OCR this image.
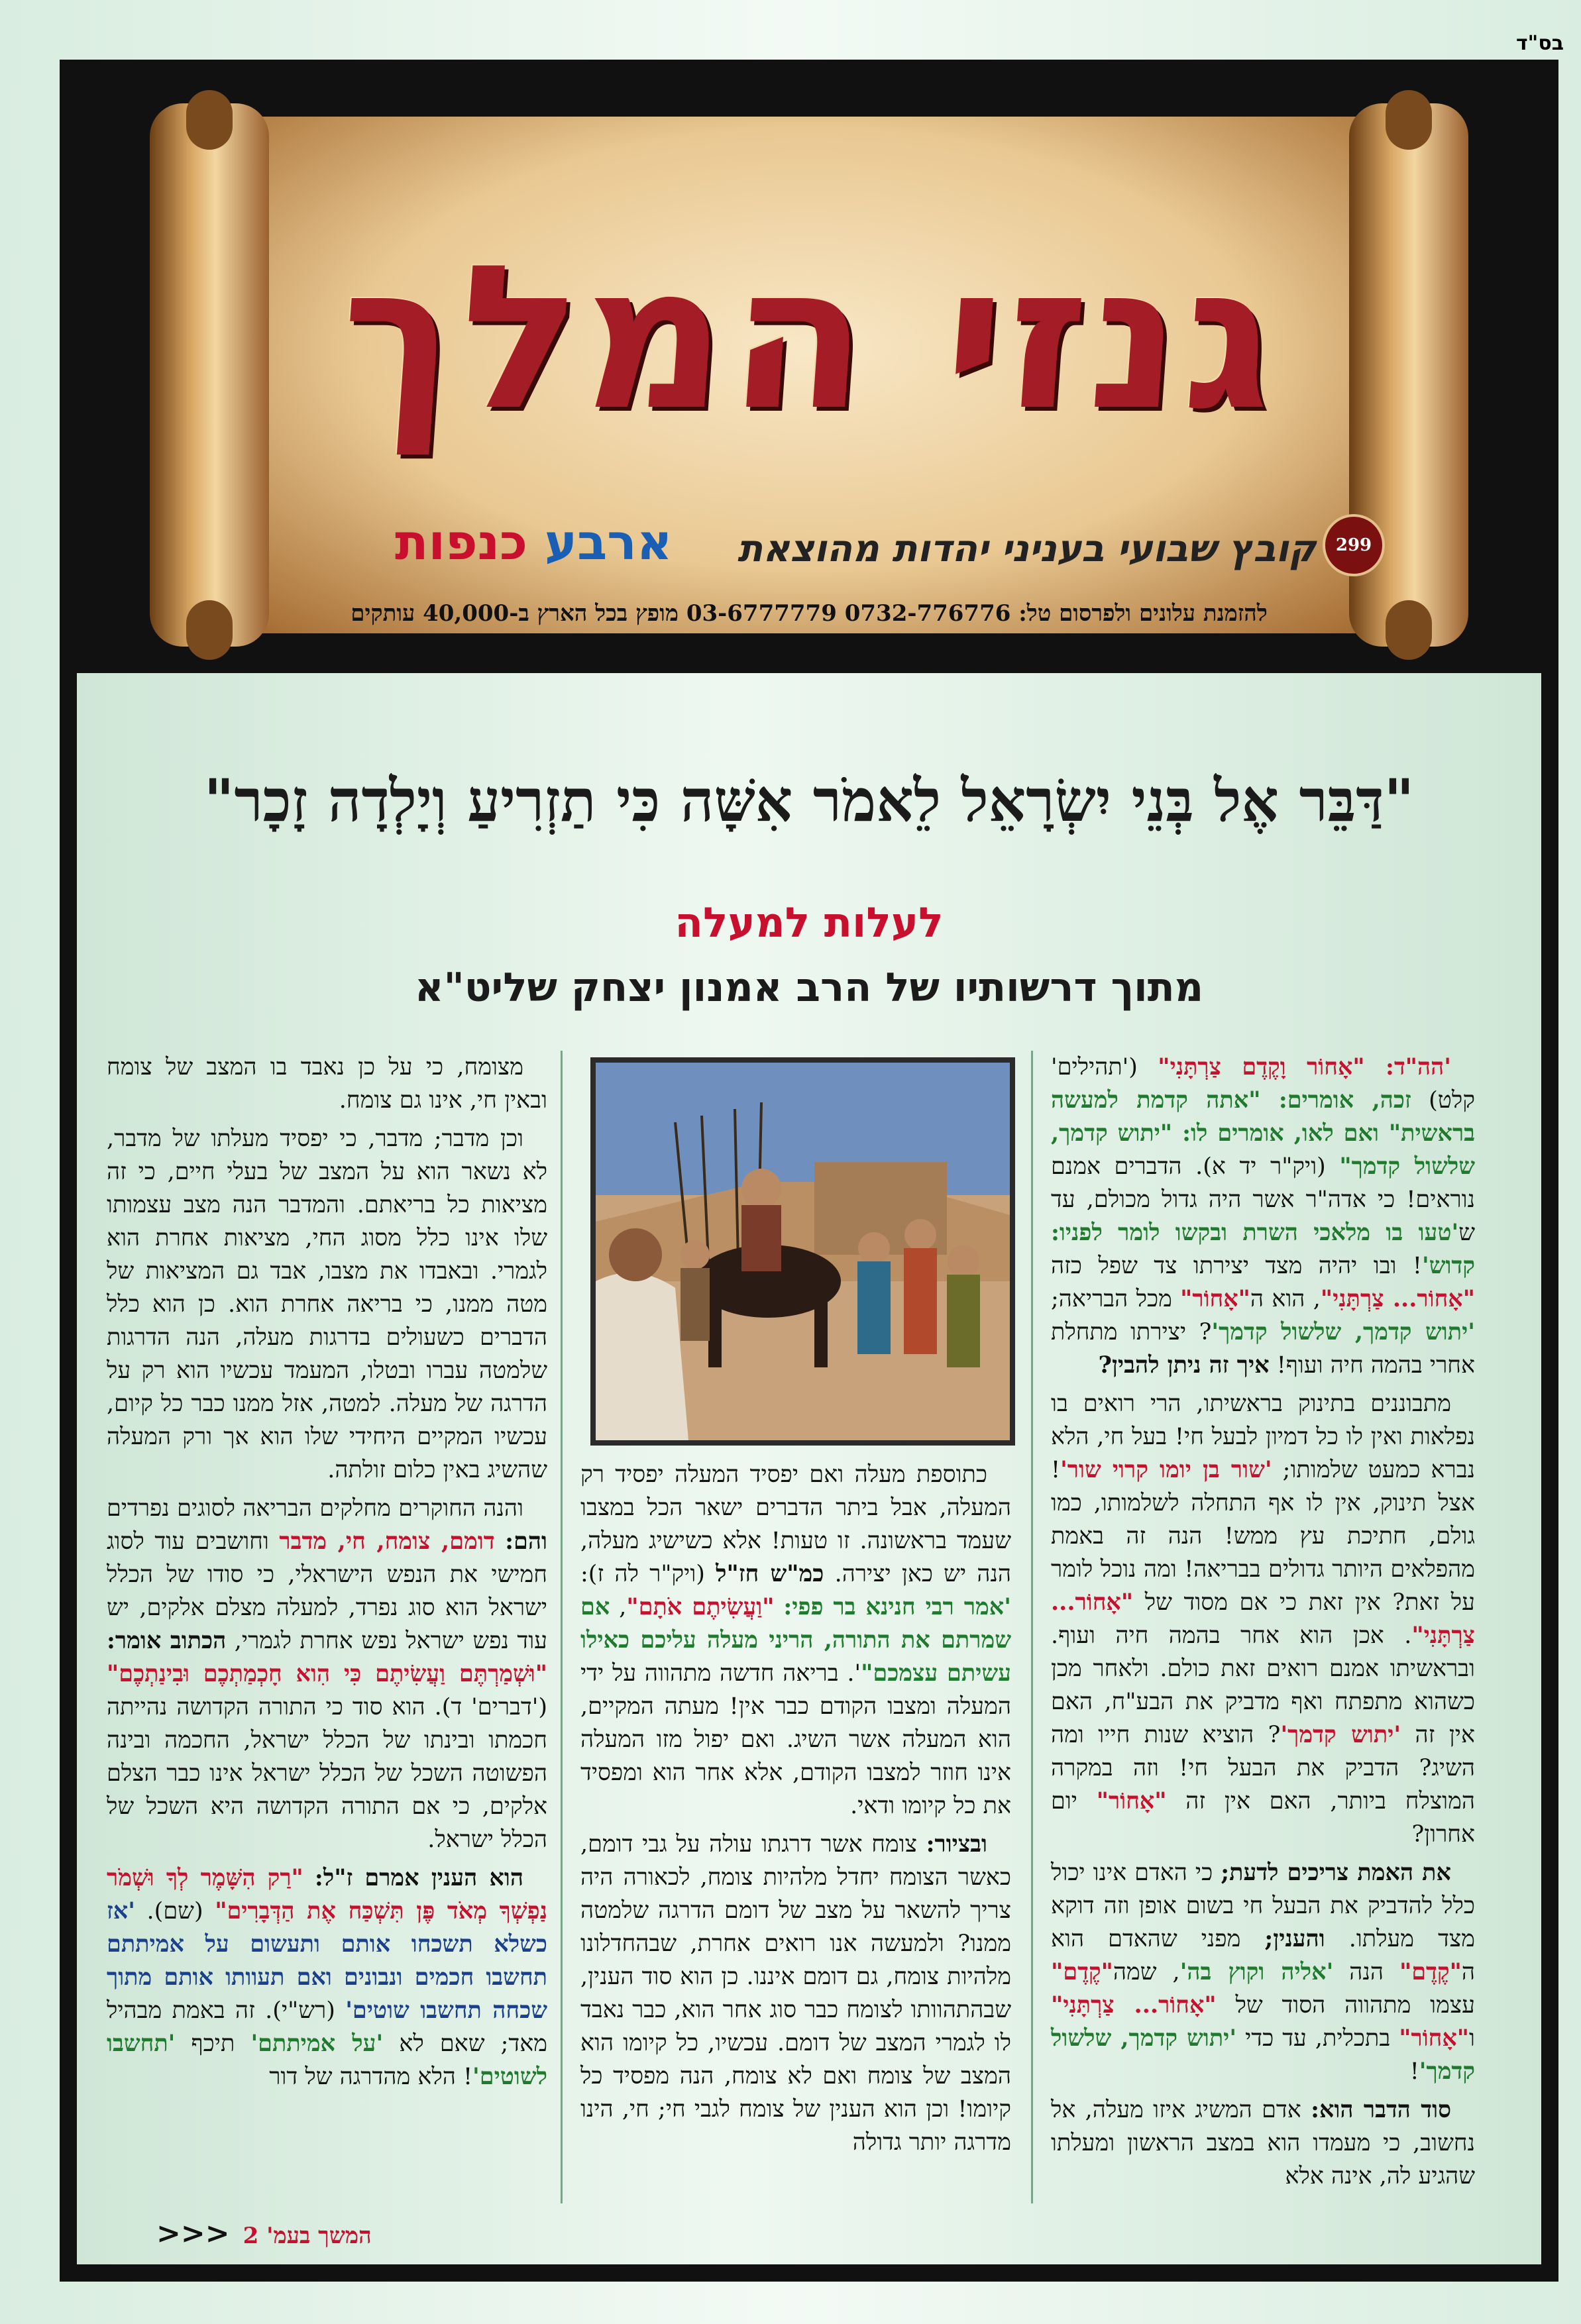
בס"ד
גנזי המלך
299
קובץ שבועי בעניני יהדות מהוצאת
ארבע כנפות
להזמנת עלונים ולפרסום טל: 0732-776776 03-6777779 מופץ בכל הארץ ב-40,000 עותקים
"דַּבֵּר אֶל בְּנֵי יִשְׂרָאֵל לֵאמֹר אִשָּׁה כִּי תַזְרִיעַ וְיָלְדָה זָכָר"
לעלות למעלה
מתוך דרשותיו של הרב אמנון יצחק שליט"א

'הה"ד: "אָחוֹר וָקֶדֶם צַרְתָּנִי" ('תהילים' קלט) זכה, אומרים: "אתה קדמת למעשה בראשית" ואם לאו, אומרים לו: "יתוש קדמך, שלשול קדמך" (ויק"ר יד א). הדברים אמנם נוראים! כי אדה"ר אשר היה גדול מכולם, עד ש'טעו בו מלאכי השרת ובקשו לומר לפניו: קדוש'! ובו יהיה מצד יצירתו צד שפל כזה "אָחוֹר... צַרְתָּנִי", הוא ה"אָחוֹר" מכל הבריאה; 'יתוש קדמך, שלשול קדמך'? יצירתו מתחלת אחרי בהמה חיה ועוף! איך זה ניתן להבין?

מתבוננים בתינוק בראשיתו, הרי רואים בו נפלאות ואין לו כל דמיון לבעל חי! בעל חי, הלא נברא כמעט שלמותו; 'שור בן יומו קרוי שור'! אצל תינוק, אין לו אף התחלה לשלמותו, כמו גולם, חתיכת עץ ממש! הנה זה באמת מהפלאים היותר גדולים בבריאה! ומה נוכל לומר על זאת? אין זאת כי אם מסוד של "אָחוֹר... צַרְתָּנִי". אכן הוא אחר בהמה חיה ועוף. ובראשיתו אמנם רואים זאת כולם. ולאחר מכן כשהוא מתפתח ואף מדביק את הבע"ח, האם אין זה 'יתוש קדמך'? הוציא שנות חייו ומה השיג? הדביק את הבעל חי! וזה במקרה המוצלח ביותר, האם אין זה "אָחוֹר" יום אחרון?

את האמת צריכים לדעת; כי האדם אינו יכול כלל להדביק את הבעל חי בשום אופן וזה דוקא מצד מעלתו. והענין; מפני שהאדם הוא ה"קֶדֶם" הנה 'אליה וקוץ בה', שמה"קֶדֶם" עצמו מתהווה הסוד של "אָחוֹר... צַרְתָּנִי" ו"אָחוֹר" בתכלית, עד כדי 'יתוש קדמך, שלשול קדמך'!

סוד הדבר הוא: אדם המשיג איזו מעלה, אל נחשוב, כי מעמדו הוא במצב הראשון ומעלתו שהגיע לה, אינה אלא

כתוספת מעלה ואם יפסיד המעלה יפסיד רק המעלה, אבל ביתר הדברים ישאר הכל במצבו שעמד בראשונה. זו טעות! אלא כשישיג מעלה, הנה יש כאן יצירה. כמ"ש חז"ל (ויק"ר לה ז): 'אמר רבי חנינא בר פפי: "וַעֲשִׂיתֶם אֹתָם", אם שמרתם את התורה, הריני מעלה עליכם כאילו עשיתם עצמכם"'. בריאה חדשה מתהווה על ידי המעלה ומצבו הקודם כבר אין! מעתה המקיים, הוא המעלה אשר השיג. ואם יפול מזו המעלה אינו חוזר למצבו הקודם, אלא אחר הוא ומפסיד את כל קיומו ודאי.

ובציור: צומח אשר דרגתו עולה על גבי דומם, כאשר הצומח יחדל מלהיות צומח, לכאורה היה צריך להשאר על מצב של דומם הדרגה שלמטה ממנו? ולמעשה אנו רואים אחרת, שבהחדלונו מלהיות צומח, גם דומם איננו. כן הוא סוד הענין, שבהתהוותו לצומח כבר סוג אחר הוא, כבר נאבד לו לגמרי המצב של דומם. עכשיו, כל קיומו הוא המצב של צומח ואם לא צומח, הנה מפסיד כל קיומו! וכן הוא הענין של צומח לגבי חי; חי, הינו מדרגה יותר גדולה

מצומח, כי על כן נאבד בו המצב של צומח ובאין חי, אינו גם צומח.

וכן מדבר; מדבר, כי יפסיד מעלתו של מדבר, לא נשאר הוא על המצב של בעלי חיים, כי זה מציאות כל בריאתם. והמדבר הנה מצב עצמותו שלו אינו כלל מסוג החי, מציאות אחרת הוא לגמרי. ובאבדו את מצבו, אבד גם המציאות של מטה ממנו, כי בריאה אחרת הוא. כן הוא כלל הדברים כשעולים בדרגות מעלה, הנה הדרגות שלמטה עברו ובטלו, המעמד עכשיו הוא רק על הדרגה של מעלה. למטה, אזל ממנו כבר כל קיום, עכשיו המקיים היחידי שלו הוא אך ורק המעלה שהשיג באין כלום זולתה.

והנה החוקרים מחלקים הבריאה לסוגים נפרדים והם: דומם, צומח, חי, מדבר וחושבים עוד לסוג חמישי את הנפש הישראלי, כי סודו של הכלל ישראל הוא סוג נפרד, למעלה מצלם אלקים, יש עוד נפש ישראל נפש אחרת לגמרי, הכתוב אומר: "וּשְׁמַרְתֶּם וַעֲשִׂיתֶם כִּי הִוא חָכְמַתְכֶם וּבִינַתְכֶם" ('דברים' ד). הוא סוד כי התורה הקדושה נהייתה חכמתו ובינתו של הכלל ישראל, החכמה ובינה הפשוטה השכל של הכלל ישראל אינו כבר הצלם אלקים, כי אם התורה הקדושה היא השכל של הכלל ישראל.

הוא הענין אמרם ז"ל: "רַק הִשָּׁמֶר לְךָ וּשְׁמֹר נַפְשְׁךָ מְאֹד פֶּן תִּשְׁכַּח אֶת הַדְּבָרִים" (שם). 'אז כשלא תשכחו אותם ותעשום על אמיתתם תחשבו חכמים ונבונים ואם תעוותו אותם מתוך שכחה תחשבו שוטים' (רש"י). זה באמת מבהיל מאד; שאם לא 'על אמיתתם' תיכף 'תחשבו לשוטים'! הלא מהדרגה של דור

המשך בעמ' 2<<<
